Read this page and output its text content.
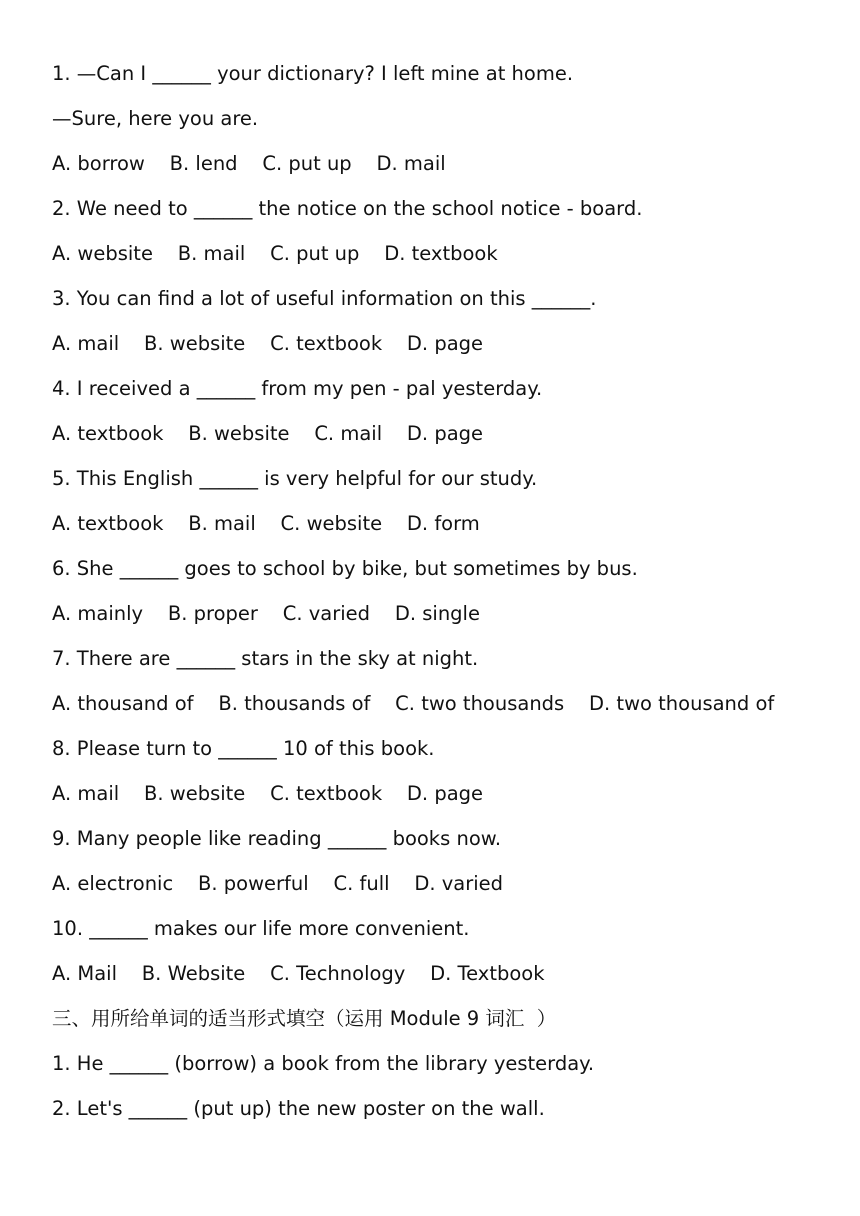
1. —Can I ______ your dictionary? I left mine at home.
—Sure, here you are.
A. borrow    B. lend    C. put up    D. mail
2. We need to ______ the notice on the school notice - board.
A. website    B. mail    C. put up    D. textbook
3. You can find a lot of useful information on this ______.
A. mail    B. website    C. textbook    D. page
4. I received a ______ from my pen - pal yesterday.
A. textbook    B. website    C. mail    D. page
5. This English ______ is very helpful for our study.
A. textbook    B. mail    C. website    D. form
6. She ______ goes to school by bike, but sometimes by bus.
A. mainly    B. proper    C. varied    D. single
7. There are ______ stars in the sky at night.
A. thousand of    B. thousands of    C. two thousands    D. two thousand of
8. Please turn to ______ 10 of this book.
A. mail    B. website    C. textbook    D. page
9. Many people like reading ______ books now.
A. electronic    B. powerful    C. full    D. varied
10. ______ makes our life more convenient.
A. Mail    B. Website    C. Technology    D. Textbook
三、用所给单词的适当形式填空（运用 Module 9 词汇  ）
1. He ______ (borrow) a book from the library yesterday.
2. Let's ______ (put up) the new poster on the wall.
